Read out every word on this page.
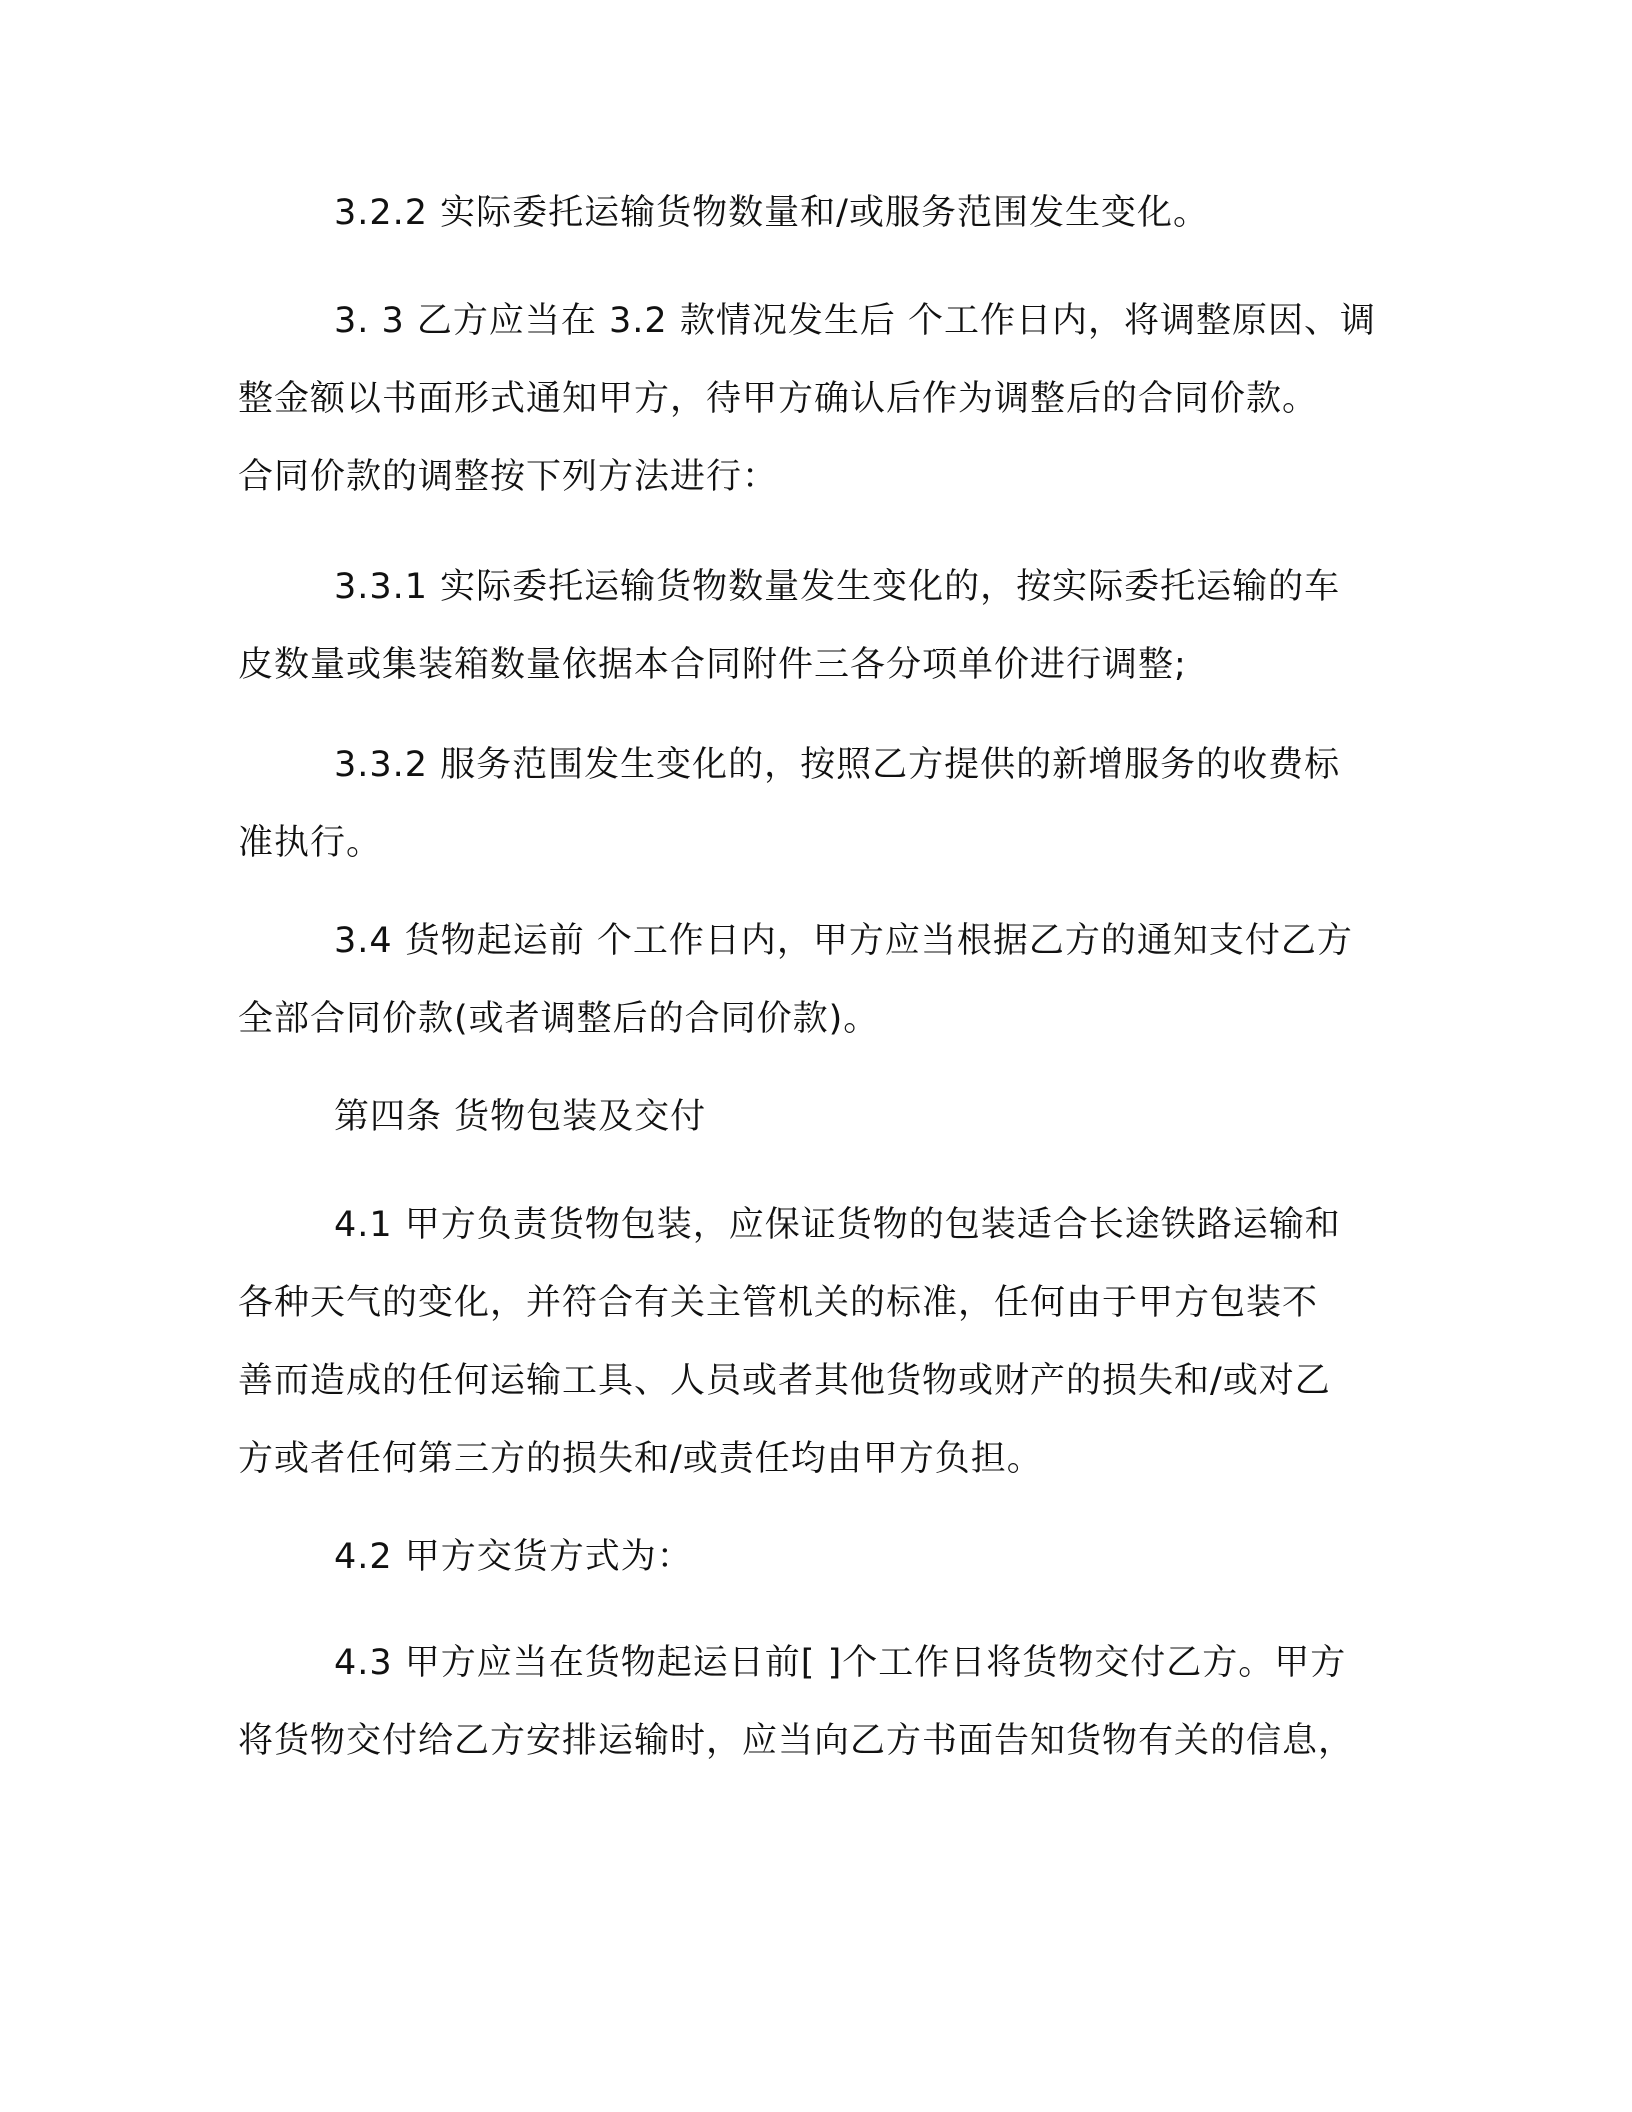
3.2.2 实际委托运输货物数量和/或服务范围发生变化。
3. 3 乙方应当在 3.2 款情况发生后 个工作日内，将调整原因、调
整金额以书面形式通知甲方，待甲方确认后作为调整后的合同价款。
合同价款的调整按下列方法进行：
3.3.1 实际委托运输货物数量发生变化的，按实际委托运输的车
皮数量或集装箱数量依据本合同附件三各分项单价进行调整;
3.3.2 服务范围发生变化的，按照乙方提供的新增服务的收费标
准执行。
3.4 货物起运前 个工作日内，甲方应当根据乙方的通知支付乙方
全部合同价款(或者调整后的合同价款)。
第四条 货物包装及交付
4.1 甲方负责货物包装，应保证货物的包装适合长途铁路运输和
各种天气的变化，并符合有关主管机关的标准，任何由于甲方包装不
善而造成的任何运输工具、人员或者其他货物或财产的损失和/或对乙
方或者任何第三方的损失和/或责任均由甲方负担。
4.2 甲方交货方式为：
4.3 甲方应当在货物起运日前[ ]个工作日将货物交付乙方。甲方
将货物交付给乙方安排运输时，应当向乙方书面告知货物有关的信息，
